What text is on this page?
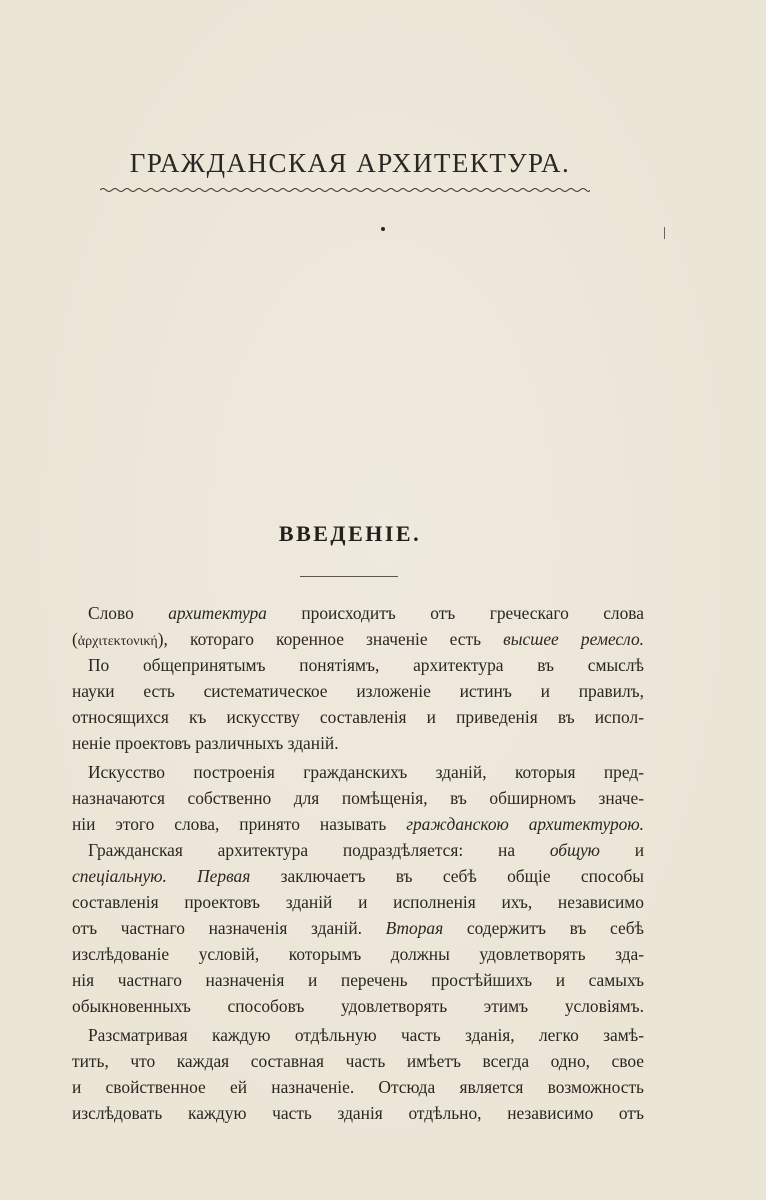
ГРАЖДАНСКАЯ АРХИТЕКТУРА.
ВВЕДЕНІЕ.
Слово архитектура происходитъ отъ греческаго слова
(ἀρχιτεκτονική), котораго коренное значеніе есть высшее ремесло.
По общепринятымъ понятіямъ, архитектура въ смыслѣ
науки есть систематическое изложеніе истинъ и правилъ,
относящихся къ искусству составленія и приведенія въ испол-
неніе проектовъ различныхъ зданій.
Искусство построенія гражданскихъ зданій, которыя пред-
назначаются собственно для помѣщенія, въ обширномъ значе-
ніи этого слова, принято называть гражданскою архитектурою.
Гражданская архитектура подраздѣляется: на общую и
спеціальную. Первая заключаетъ въ себѣ общіе способы
составленія проектовъ зданій и исполненія ихъ, независимо
отъ частнаго назначенія зданій. Вторая содержитъ въ себѣ
изслѣдованіе условій, которымъ должны удовлетворять зда-
нія частнаго назначенія и перечень простѣйшихъ и самыхъ
обыкновенныхъ способовъ удовлетворять этимъ условіямъ.
Разсматривая каждую отдѣльную часть зданія, легко замѣ-
тить, что каждая составная часть имѣетъ всегда одно, свое
и свойственное ей назначеніе. Отсюда является возможность
изслѣдовать каждую часть зданія отдѣльно, независимо отъ
